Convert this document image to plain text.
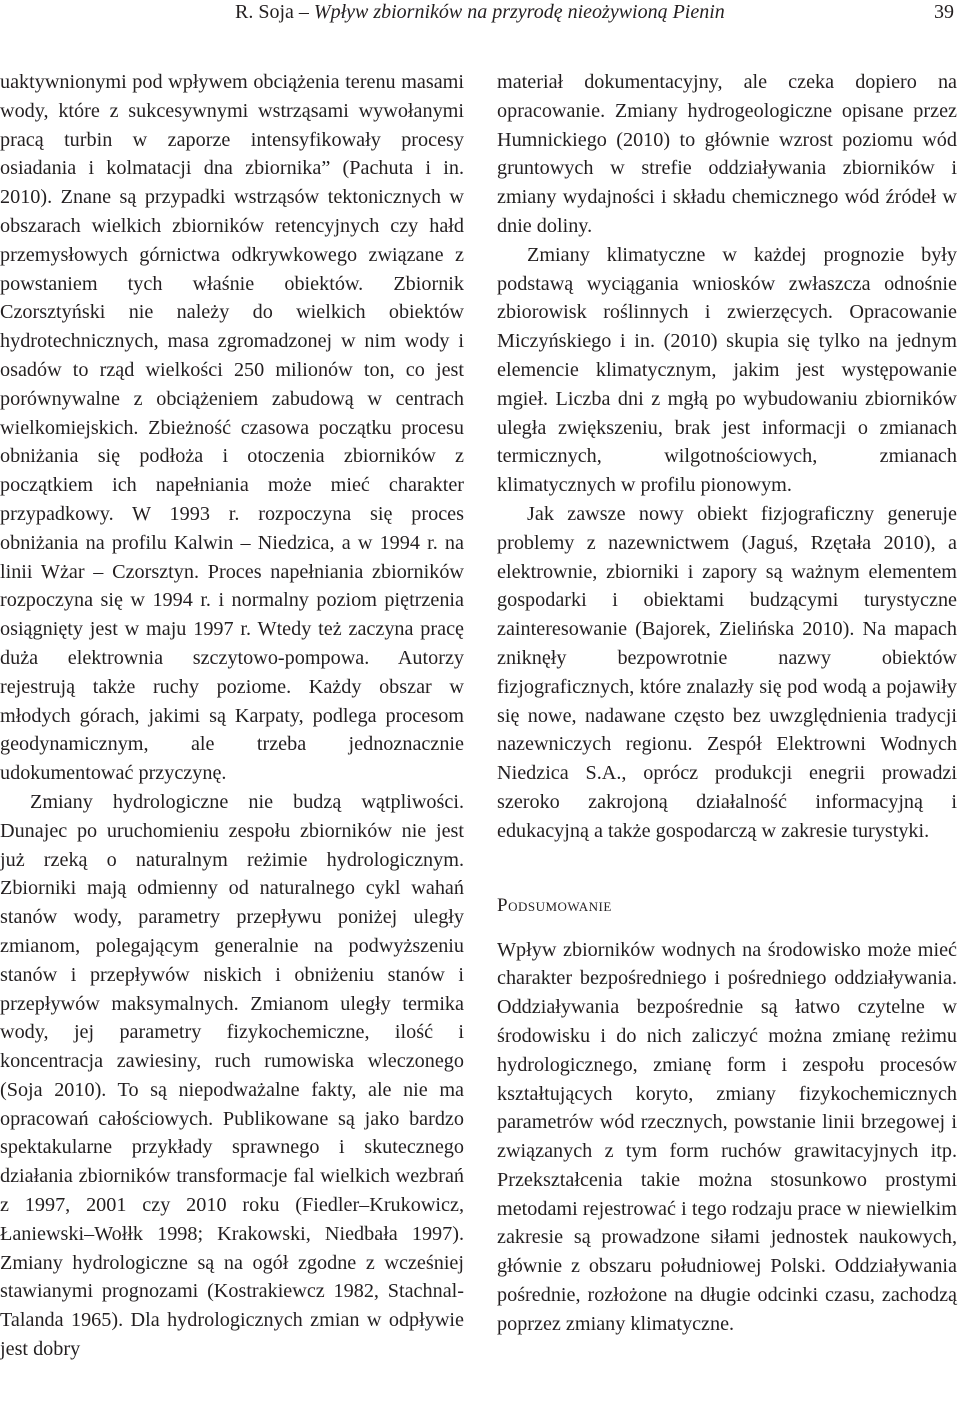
R. Soja – Wpływ zbiorników na przyrodę nieożywioną Pienin	39

uaktywnionymi pod wpływem obciążenia terenu masami wody, które z sukcesywnymi wstrząsami wywołanymi pracą turbin w zaporze intensyfikowały procesy osiadania i kolmatacji dna zbiornika” (Pachuta i in. 2010). Znane są przypadki wstrząsów tektonicznych w obszarach wielkich zbiorników retencyjnych czy hałd przemysłowych górnictwa odkrywkowego związane z powstaniem tych właśnie obiektów. Zbiornik Czorsztyński nie należy do wielkich obiektów hydrotechnicznych, masa zgromadzonej w nim wody i osadów to rząd wielkości 250 milionów ton, co jest porównywalne z obciążeniem zabudową w centrach wielkomiejskich. Zbieżność czasowa początku procesu obniżania się podłoża i otoczenia zbiorników z początkiem ich napełniania może mieć charakter przypadkowy. W 1993 r. rozpoczyna się proces obniżania na profilu Kalwin – Niedzica, a w 1994 r. na linii Wżar – Czorsztyn. Proces napełniania zbiorników rozpoczyna się w 1994 r. i normalny poziom piętrzenia osiągnięty jest w maju 1997 r. Wtedy też zaczyna pracę duża elektrownia szczytowo-pompowa. Autorzy rejestrują także ruchy poziome. Każdy obszar w młodych górach, jakimi są Karpaty, podlega procesom geodynamicznym, ale trzeba jednoznacznie udokumentować przyczynę.

Zmiany hydrologiczne nie budzą wątpliwości. Dunajec po uruchomieniu zespołu zbiorników nie jest już rzeką o naturalnym reżimie hydrologicznym. Zbiorniki mają odmienny od naturalnego cykl wahań stanów wody, parametry przepływu poniżej uległy zmianom, polegającym generalnie na podwyższeniu stanów i przepływów niskich i obniżeniu stanów i przepływów maksymalnych. Zmianom uległy termika wody, jej parametry fizykochemiczne, ilość i koncentracja zawiesiny, ruch rumowiska wleczonego (Soja 2010). To są niepodważalne fakty, ale nie ma opracowań całościowych. Publikowane są jako bardzo spektakularne przykłady sprawnego i skutecznego działania zbiorników transformacje fal wielkich wezbrań z 1997, 2001 czy 2010 roku (Fiedler–Krukowicz, Łaniewski–Wołłk 1998; Krakowski, Niedbała 1997). Zmiany hydrologiczne są na ogół zgodne z wcześniej stawianymi prognozami (Kostrakiewcz 1982, Stachnal-Talanda 1965). Dla hydrologicznych zmian w odpływie jest dobry

materiał dokumentacyjny, ale czeka dopiero na opracowanie. Zmiany hydrogeologiczne opisane przez Humnickiego (2010) to głównie wzrost poziomu wód gruntowych w strefie oddziaływania zbiorników i zmiany wydajności i składu chemicznego wód źródeł w dnie doliny.

Zmiany klimatyczne w każdej prognozie były podstawą wyciągania wniosków zwłaszcza odnośnie zbiorowisk roślinnych i zwierzęcych. Opracowanie Miczyńskiego i in. (2010) skupia się tylko na jednym elemencie klimatycznym, jakim jest występowanie mgieł. Liczba dni z mgłą po wybudowaniu zbiorników uległa zwiększeniu, brak jest informacji o zmianach termicznych, wilgotnościowych, zmianach klimatycznych w profilu pionowym.

Jak zawsze nowy obiekt fizjograficzny generuje problemy z nazewnictwem (Jaguś, Rzętała 2010), a elektrownie, zbiorniki i zapory są ważnym elementem gospodarki i obiektami budzącymi turystyczne zainteresowanie (Bajorek, Zielińska 2010). Na mapach zniknęły bezpowrotnie nazwy obiektów fizjograficznych, które znalazły się pod wodą a pojawiły się nowe, nadawane często bez uwzględnienia tradycji nazewniczych regionu. Zespół Elektrowni Wodnych Niedzica S.A., oprócz produkcji enegrii prowadzi szeroko zakrojoną działalność informacyjną i edukacyjną a także gospodarczą w zakresie turystyki.

Podsumowanie

Wpływ zbiorników wodnych na środowisko może mieć charakter bezpośredniego i pośredniego oddziaływania. Oddziaływania bezpośrednie są łatwo czytelne w środowisku i do nich zaliczyć można zmianę reżimu hydrologicznego, zmianę form i zespołu procesów kształtujących koryto, zmiany fizykochemicznych parametrów wód rzecznych, powstanie linii brzegowej i związanych z tym form ruchów grawitacyjnych itp. Przekształcenia takie można stosunkowo prostymi metodami rejestrować i tego rodzaju prace w niewielkim zakresie są prowadzone siłami jednostek naukowych, głównie z obszaru południowej Polski. Oddziaływania pośrednie, rozłożone na długie odcinki czasu, zachodzą poprzez zmiany klimatyczne.
